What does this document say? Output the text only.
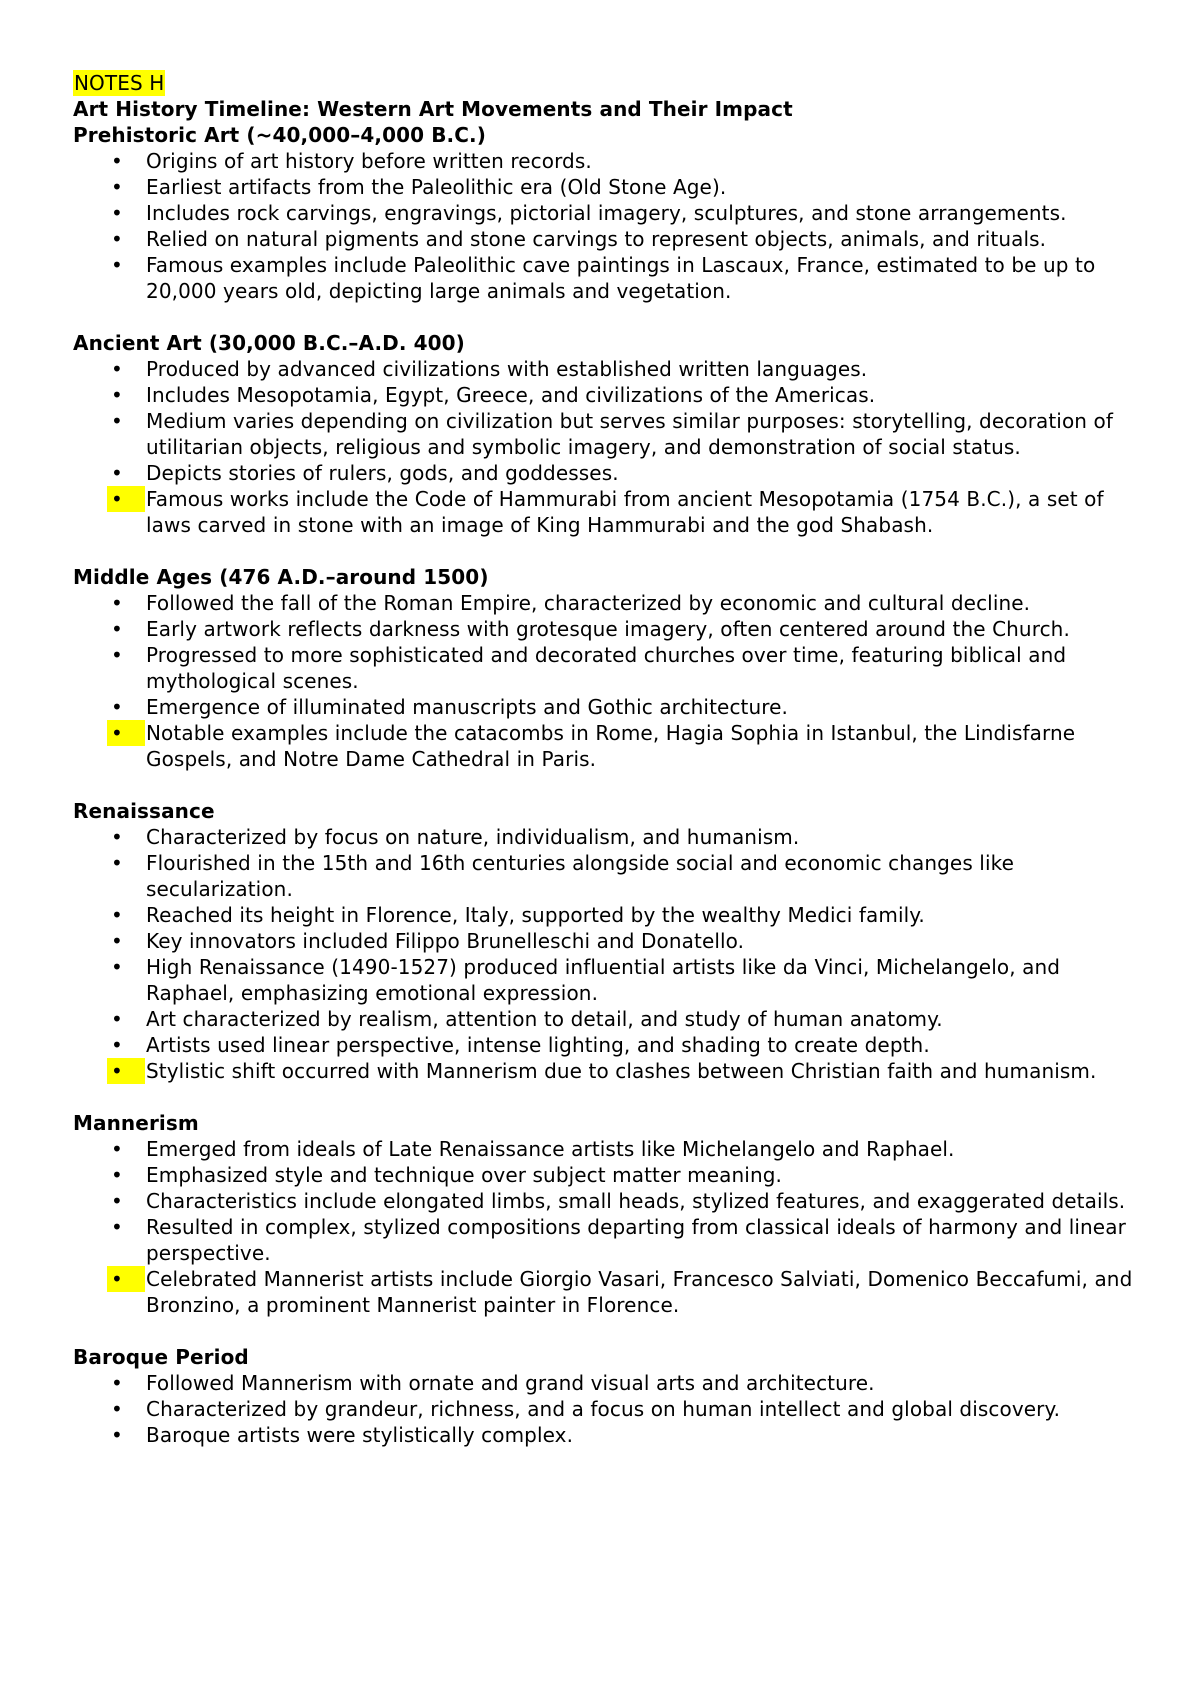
NOTES H
Art History Timeline: Western Art Movements and Their Impact
Prehistoric Art (~40,000–4,000 B.C.)
•
Origins of art history before written records.
•
Earliest artifacts from the Paleolithic era (Old Stone Age).
•
Includes rock carvings, engravings, pictorial imagery, sculptures, and stone arrangements.
•
Relied on natural pigments and stone carvings to represent objects, animals, and rituals.
•
Famous examples include Paleolithic cave paintings in Lascaux, France, estimated to be up to 20,000 years old, depicting large animals and vegetation.
Ancient Art (30,000 B.C.–A.D. 400)
•
Produced by advanced civilizations with established written languages.
•
Includes Mesopotamia, Egypt, Greece, and civilizations of the Americas.
•
Medium varies depending on civilization but serves similar purposes: storytelling, decoration of utilitarian objects, religious and symbolic imagery, and demonstration of social status.
•
Depicts stories of rulers, gods, and goddesses.
•
Famous works include the Code of Hammurabi from ancient Mesopotamia (1754 B.C.), a set of laws carved in stone with an image of King Hammurabi and the god Shabash.
Middle Ages (476 A.D.–around 1500)
•
Followed the fall of the Roman Empire, characterized by economic and cultural decline.
•
Early artwork reflects darkness with grotesque imagery, often centered around the Church.
•
Progressed to more sophisticated and decorated churches over time, featuring biblical and mythological scenes.
•
Emergence of illuminated manuscripts and Gothic architecture.
•
Notable examples include the catacombs in Rome, Hagia Sophia in Istanbul, the Lindisfarne Gospels, and Notre Dame Cathedral in Paris.
Renaissance
•
Characterized by focus on nature, individualism, and humanism.
•
Flourished in the 15th and 16th centuries alongside social and economic changes like secularization.
•
Reached its height in Florence, Italy, supported by the wealthy Medici family.
•
Key innovators included Filippo Brunelleschi and Donatello.
•
High Renaissance (1490-1527) produced influential artists like da Vinci, Michelangelo, and Raphael, emphasizing emotional expression.
•
Art characterized by realism, attention to detail, and study of human anatomy.
•
Artists used linear perspective, intense lighting, and shading to create depth.
•
Stylistic shift occurred with Mannerism due to clashes between Christian faith and humanism.
Mannerism
•
Emerged from ideals of Late Renaissance artists like Michelangelo and Raphael.
•
Emphasized style and technique over subject matter meaning.
•
Characteristics include elongated limbs, small heads, stylized features, and exaggerated details.
•
Resulted in complex, stylized compositions departing from classical ideals of harmony and linear perspective.
•
Celebrated Mannerist artists include Giorgio Vasari, Francesco Salviati, Domenico Beccafumi, and Bronzino, a prominent Mannerist painter in Florence.
Baroque Period
•
Followed Mannerism with ornate and grand visual arts and architecture.
•
Characterized by grandeur, richness, and a focus on human intellect and global discovery.
•
Baroque artists were stylistically complex.
